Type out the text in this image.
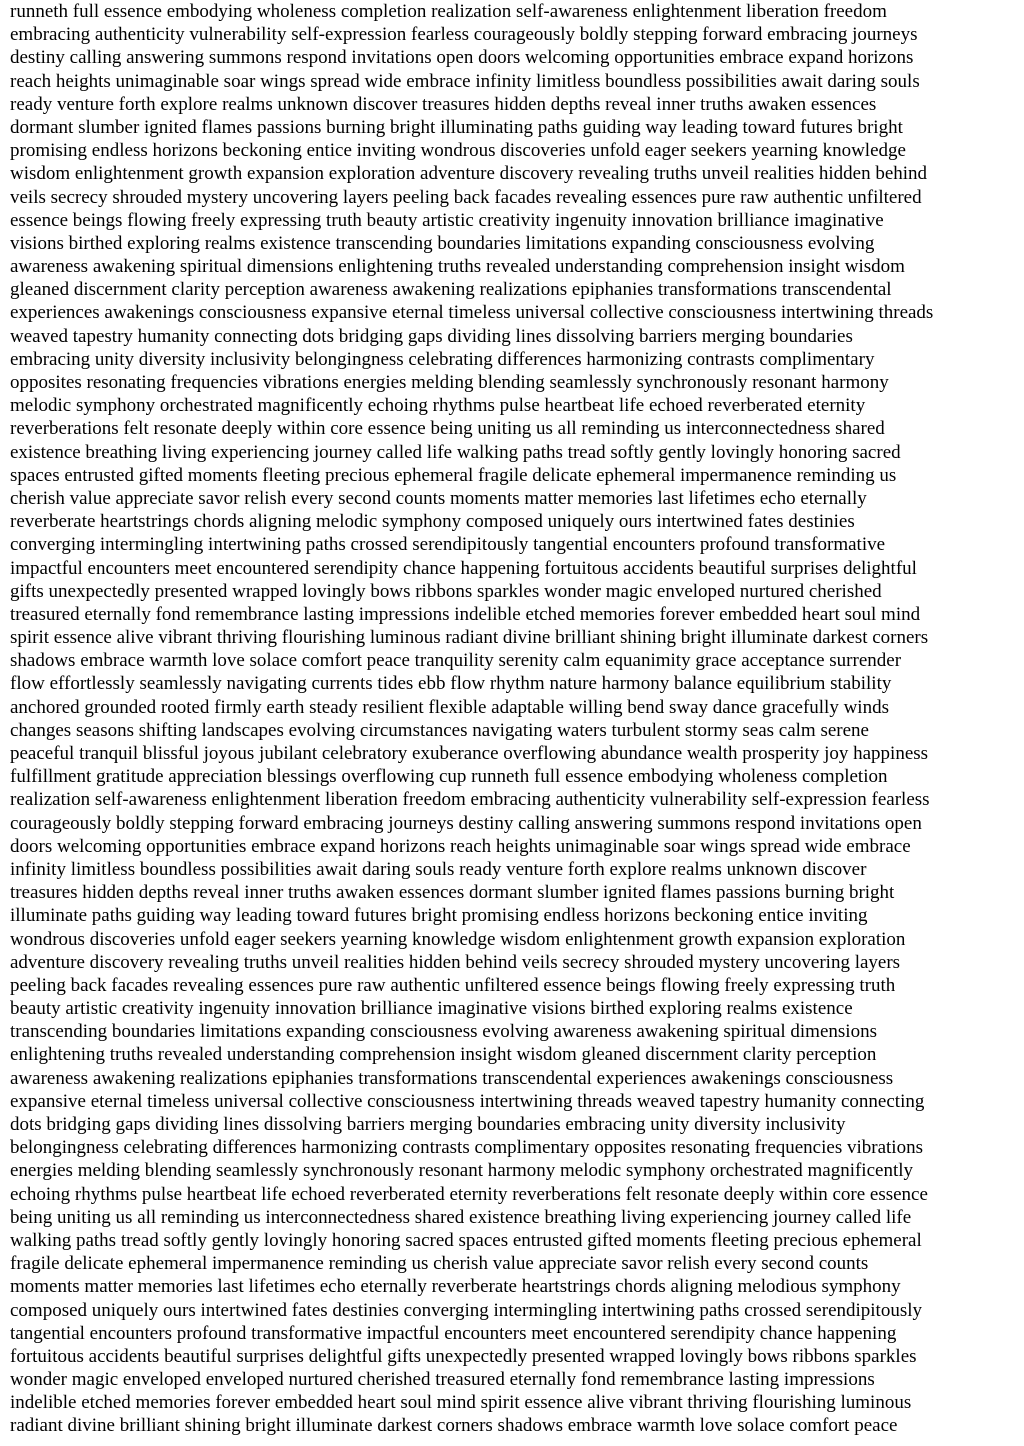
runneth full essence embodying wholeness completion realization self-awareness enlightenment liberation freedom

embracing authenticity vulnerability self-expression fearless courageously boldly stepping forward embracing journeys

destiny calling answering summons respond invitations open doors welcoming opportunities embrace expand horizons

reach heights unimaginable soar wings spread wide embrace infinity limitless boundless possibilities await daring souls

ready venture forth explore realms unknown discover treasures hidden depths reveal inner truths awaken essences

dormant slumber ignited flames passions burning bright illuminating paths guiding way leading toward futures bright

promising endless horizons beckoning entice inviting wondrous discoveries unfold eager seekers yearning knowledge

wisdom enlightenment growth expansion exploration adventure discovery revealing truths unveil realities hidden behind

veils secrecy shrouded mystery uncovering layers peeling back facades revealing essences pure raw authentic unfiltered

essence beings flowing freely expressing truth beauty artistic creativity ingenuity innovation brilliance imaginative

visions birthed exploring realms existence transcending boundaries limitations expanding consciousness evolving

awareness awakening spiritual dimensions enlightening truths revealed understanding comprehension insight wisdom

gleaned discernment clarity perception awareness awakening realizations epiphanies transformations transcendental

experiences awakenings consciousness expansive eternal timeless universal collective consciousness intertwining threads

weaved tapestry humanity connecting dots bridging gaps dividing lines dissolving barriers merging boundaries

embracing unity diversity inclusivity belongingness celebrating differences harmonizing contrasts complimentary

opposites resonating frequencies vibrations energies melding blending seamlessly synchronously resonant harmony

melodic symphony orchestrated magnificently echoing rhythms pulse heartbeat life echoed reverberated eternity

reverberations felt resonate deeply within core essence being uniting us all reminding us interconnectedness shared

existence breathing living experiencing journey called life walking paths tread softly gently lovingly honoring sacred

spaces entrusted gifted moments fleeting precious ephemeral fragile delicate ephemeral impermanence reminding us

cherish value appreciate savor relish every second counts moments matter memories last lifetimes echo eternally

reverberate heartstrings chords aligning melodic symphony composed uniquely ours intertwined fates destinies

converging intermingling intertwining paths crossed serendipitously tangential encounters profound transformative

impactful encounters meet encountered serendipity chance happening fortuitous accidents beautiful surprises delightful

gifts unexpectedly presented wrapped lovingly bows ribbons sparkles wonder magic enveloped nurtured cherished

treasured eternally fond remembrance lasting impressions indelible etched memories forever embedded heart soul mind

spirit essence alive vibrant thriving flourishing luminous radiant divine brilliant shining bright illuminate darkest corners

shadows embrace warmth love solace comfort peace tranquility serenity calm equanimity grace acceptance surrender

flow effortlessly seamlessly navigating currents tides ebb flow rhythm nature harmony balance equilibrium stability

anchored grounded rooted firmly earth steady resilient flexible adaptable willing bend sway dance gracefully winds

changes seasons shifting landscapes evolving circumstances navigating waters turbulent stormy seas calm serene

peaceful tranquil blissful joyous jubilant celebratory exuberance overflowing abundance wealth prosperity joy happiness

fulfillment gratitude appreciation blessings overflowing cup runneth full essence embodying wholeness completion

realization self-awareness enlightenment liberation freedom embracing authenticity vulnerability self-expression fearless

courageously boldly stepping forward embracing journeys destiny calling answering summons respond invitations open

doors welcoming opportunities embrace expand horizons reach heights unimaginable soar wings spread wide embrace

infinity limitless boundless possibilities await daring souls ready venture forth explore realms unknown discover

treasures hidden depths reveal inner truths awaken essences dormant slumber ignited flames passions burning bright

illuminate paths guiding way leading toward futures bright promising endless horizons beckoning entice inviting

wondrous discoveries unfold eager seekers yearning knowledge wisdom enlightenment growth expansion exploration

adventure discovery revealing truths unveil realities hidden behind veils secrecy shrouded mystery uncovering layers

peeling back facades revealing essences pure raw authentic unfiltered essence beings flowing freely expressing truth

beauty artistic creativity ingenuity innovation brilliance imaginative visions birthed exploring realms existence

transcending boundaries limitations expanding consciousness evolving awareness awakening spiritual dimensions

enlightening truths revealed understanding comprehension insight wisdom gleaned discernment clarity perception

awareness awakening realizations epiphanies transformations transcendental experiences awakenings consciousness

expansive eternal timeless universal collective consciousness intertwining threads weaved tapestry humanity connecting

dots bridging gaps dividing lines dissolving barriers merging boundaries embracing unity diversity inclusivity

belongingness celebrating differences harmonizing contrasts complimentary opposites resonating frequencies vibrations

energies melding blending seamlessly synchronously resonant harmony melodic symphony orchestrated magnificently

echoing rhythms pulse heartbeat life echoed reverberated eternity reverberations felt resonate deeply within core essence

being uniting us all reminding us interconnectedness shared existence breathing living experiencing journey called life

walking paths tread softly gently lovingly honoring sacred spaces entrusted gifted moments fleeting precious ephemeral

fragile delicate ephemeral impermanence reminding us cherish value appreciate savor relish every second counts

moments matter memories last lifetimes echo eternally reverberate heartstrings chords aligning melodious symphony

composed uniquely ours intertwined fates destinies converging intermingling intertwining paths crossed serendipitously

tangential encounters profound transformative impactful encounters meet encountered serendipity chance happening

fortuitous accidents beautiful surprises delightful gifts unexpectedly presented wrapped lovingly bows ribbons sparkles

wonder magic enveloped enveloped nurtured cherished treasured eternally fond remembrance lasting impressions

indelible etched memories forever embedded heart soul mind spirit essence alive vibrant thriving flourishing luminous

radiant divine brilliant shining bright illuminate darkest corners shadows embrace warmth love solace comfort peace
